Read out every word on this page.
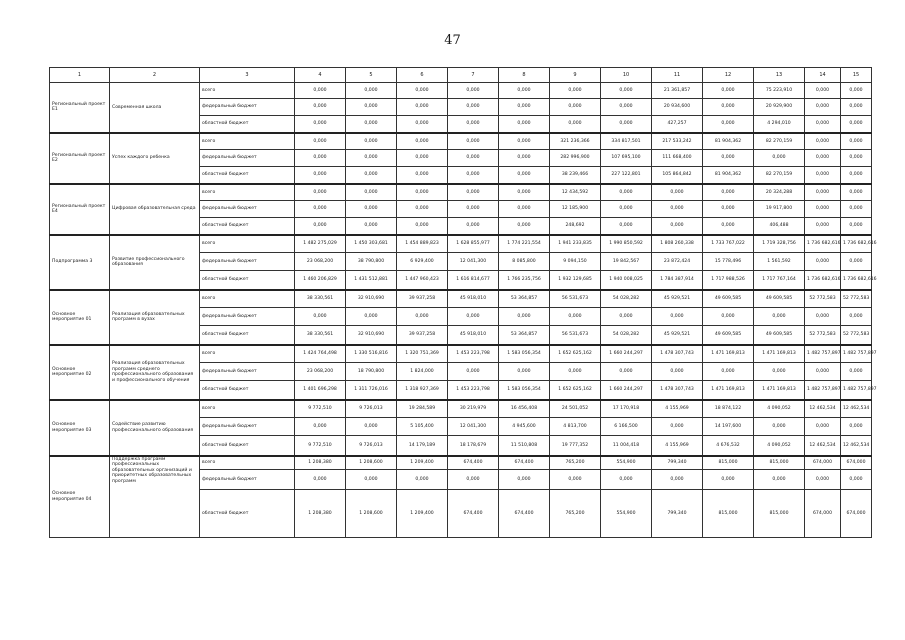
47
1	2	3	4	5	6	7	8	9	10	11	12	13	14	15
Региональный проект Е1	Современная школа	всего	0,000	0,000	0,000	0,000	0,000	0,000	0,000	21 361,857	0,000	75 223,910	0,000	0,000
		федеральный бюджет	0,000	0,000	0,000	0,000	0,000	0,000	0,000	20 934,600	0,000	20 929,900	0,000	0,000
		областной бюджет	0,000	0,000	0,000	0,000	0,000	0,000	0,000	427,257	0,000	4 294,010	0,000	0,000
Региональный проект Е2	Успех каждого ребенка	всего	0,000	0,000	0,000	0,000	0,000	321 236,366	334 817,501	217 533,242	81 904,362	82 270,159	0,000	0,000
		федеральный бюджет	0,000	0,000	0,000	0,000	0,000	282 996,900	107 695,100	111 668,400	0,000	0,000	0,000	0,000
		областной бюджет	0,000	0,000	0,000	0,000	0,000	38 239,466	227 122,801	105 864,842	81 904,362	82 270,159	0,000	0,000
Региональный проект Е4	Цифровая образовательная среда	всего	0,000	0,000	0,000	0,000	0,000	12 434,592	0,000	0,000	0,000	20 324,288	0,000	0,000
		федеральный бюджет	0,000	0,000	0,000	0,000	0,000	12 185,900	0,000	0,000	0,000	19 917,800	0,000	0,000
		областной бюджет	0,000	0,000	0,000	0,000	0,000	248,692	0,000	0,000	0,000	406,488	0,000	0,000
Подпрограмма 3	Развитие профессионального образования	всего	1 482 275,029	1 450 303,681	1 454 889,823	1 628 855,977	1 774 221,554	1 941 233,835	1 990 850,592	1 808 260,338	1 733 767,022	1 719 328,756	1 736 682,616	1 736 682,616
		федеральный бюджет	23 068,200	38 790,800	6 929,400	12 041,300	8 085,800	9 094,150	19 842,567	23 872,424	15 778,496	1 561,592	0,000	0,000
		областной бюджет	1 460 206,829	1 431 512,881	1 447 960,423	1 616 814,677	1 766 235,756	1 932 129,685	1 940 008,025	1 784 387,914	1 717 988,526	1 717 767,164	1 736 682,616	1 736 682,616
Основное мероприятие 01	Реализация образовательных программ в вузах	всего	38 330,561	32 910,690	39 937,258	45 918,010	53 364,857	56 531,673	54 028,282	45 929,521	49 609,585	49 609,585	52 772,583	52 772,583
		федеральный бюджет	0,000	0,000	0,000	0,000	0,000	0,000	0,000	0,000	0,000	0,000	0,000	0,000
		областной бюджет	38 330,561	32 910,690	39 937,258	45 918,010	53 364,857	56 531,673	54 028,282	45 929,521	49 609,585	49 609,585	52 772,583	52 772,583
Основное мероприятие 02	Реализация образовательных программ среднего профессионального образования и профессионального обучения	всего	1 424 764,498	1 330 516,816	1 320 751,369	1 453 223,798	1 583 056,354	1 652 625,162	1 660 244,297	1 478 307,743	1 471 169,813	1 471 169,813	1 482 757,897	1 482 757,897
		федеральный бюджет	23 068,200	18 790,800	1 824,000	0,000	0,000	0,000	0,000	0,000	0,000	0,000	0,000	0,000
		областной бюджет	1 401 696,298	1 311 726,016	1 318 927,369	1 453 223,798	1 583 056,354	1 652 625,162	1 660 244,297	1 478 307,743	1 471 169,813	1 471 169,813	1 482 757,897	1 482 757,897
Основное мероприятие 03	Содействие развитию профессионального образования	всего	9 772,510	9 726,013	19 284,589	30 219,979	16 456,408	24 501,052	17 170,918	4 155,969	18 874,122	4 090,052	12 462,534	12 462,534
		федеральный бюджет	0,000	0,000	5 105,400	12 041,300	4 945,600	4 813,700	6 166,500	0,000	14 197,600	0,000	0,000	0,000
		областной бюджет	9 772,510	9 726,013	14 179,189	18 178,679	11 510,808	19 777,352	11 004,418	4 155,969	4 676,532	4 090,052	12 462,534	12 462,534
Основное мероприятие 04	Поддержка программ профессиональных образовательных организаций и приоритетных образовательных программ	всего	1 208,380	1 208,600	1 209,400	674,400	674,400	765,200	554,900	799,340	815,000	815,000	674,000	674,000
		федеральный бюджет	0,000	0,000	0,000	0,000	0,000	0,000	0,000	0,000	0,000	0,000	0,000	0,000
		областной бюджет	1 208,380	1 208,600	1 209,400	674,400	674,400	765,200	554,900	799,340	815,000	815,000	674,000	674,000
